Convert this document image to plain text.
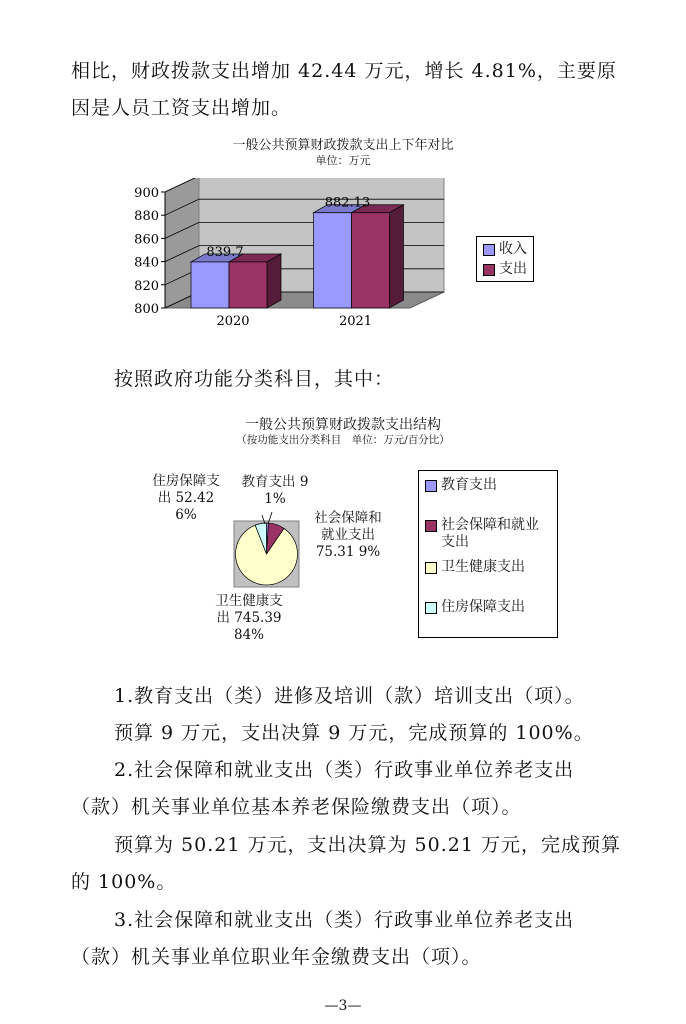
相比，财政拨款支出增加 42.44 万元，增长 4.81%，主要原
因是人员工资支出增加。
一般公共预算财政拨款支出上下年对比
单位：万元
800
820
840
860
880
900
2020
839.7
2021
882.13
收入
支出
按照政府功能分类科目，其中：
一般公共预算财政拨款支出结构
（按功能支出分类科目　单位：万元/百分比）
住房保障支
出 52.42
6%
教育支出 9
1%
社会保障和
就业支出
75.31 9%
卫生健康支
出 745.39
84%
教育支出
社会保障和就业
支出
卫生健康支出
住房保障支出
1.教育支出（类）进修及培训（款）培训支出（项）。
预算 9 万元，支出决算 9 万元，完成预算的 100%。
2.社会保障和就业支出（类）行政事业单位养老支出
（款）机关事业单位基本养老保险缴费支出（项）。
预算为 50.21 万元，支出决算为 50.21 万元，完成预算
的 100%。
3.社会保障和就业支出（类）行政事业单位养老支出
（款）机关事业单位职业年金缴费支出（项）。
—3—
